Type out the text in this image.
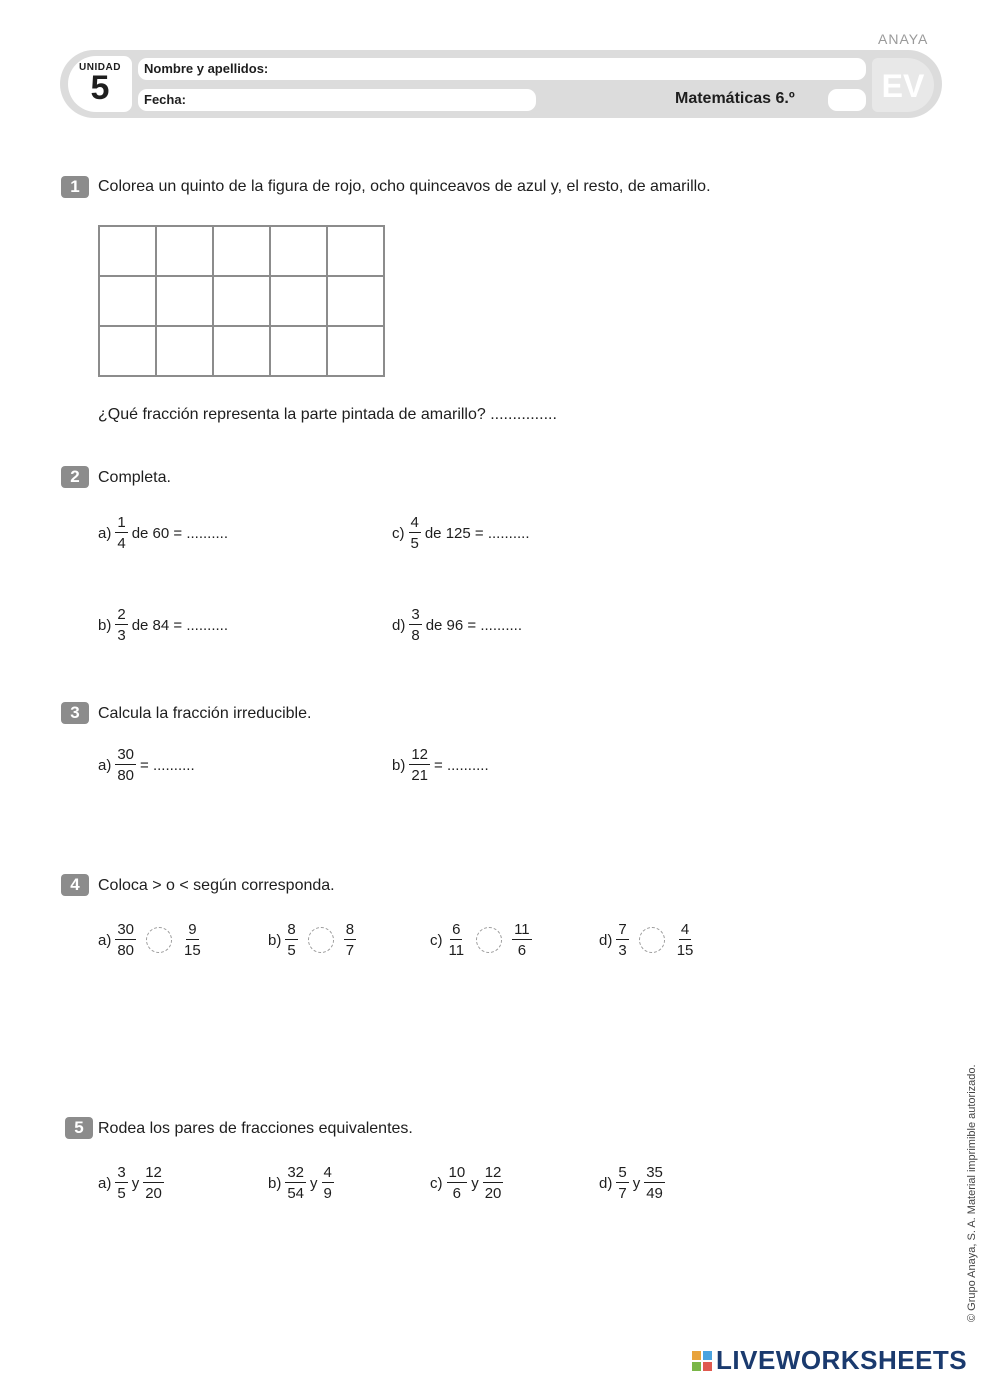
ANAYA
UNIDAD
5
Nombre y apellidos:
Fecha:	Matemáticas 6.º	EV
1	Colorea un quinto de la figura de rojo, ocho quinceavos de azul y, el resto, de amarillo.

¿Qué fracción representa la parte pintada de amarillo? ...............
2	Completa.
$a) \frac{1}{4}$ de 60 = ..........
$b) \frac{2}{3}$ de 84 = ..........
$c) \frac{4}{5}$ de 125 = ..........
$d) \frac{3}{8}$ de 96 = ..........
3	Calcula la fracción irreducible.
$a) \frac{30}{80}$ = ..........	$b) \frac{12}{21}$ = ..........
4	Coloca > o < según corresponda.
$a) \frac{30}{80}$	$\frac{9}{15}$	$b) \frac{8}{5}$	$\frac{8}{7}$	$c) \frac{6}{11}$	$\frac{11}{6}$	$d) \frac{7}{3}$	$\frac{4}{15}$
5 Rodea los pares de fracciones equivalentes.
$a) \frac{3}{5}$ y $\frac{12}{20}$	$b) \frac{32}{54}$ y $\frac{4}{9}$	$c) \frac{10}{6}$ y $\frac{12}{20}$	$d) \frac{5}{7}$ y $\frac{35}{49}$	© Grupo Anaya, S. A. Material imprimible autorizado.
LIVEWORKSHEETS
